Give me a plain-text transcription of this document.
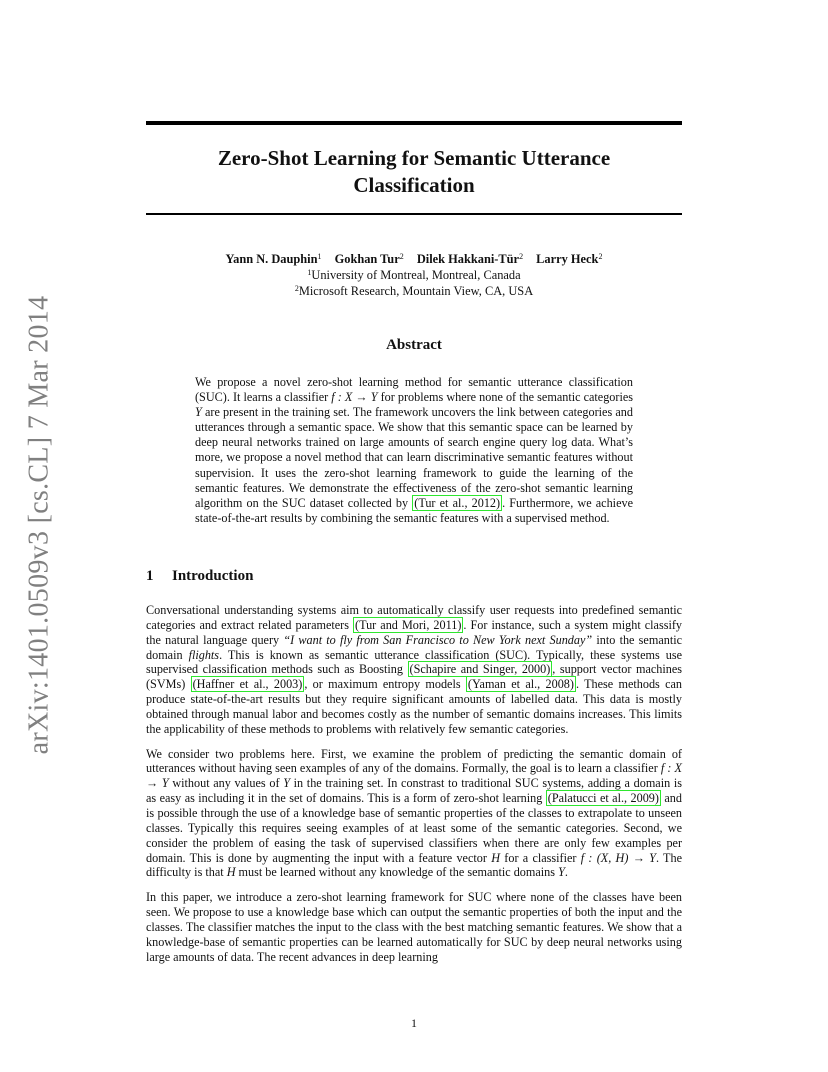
arXiv:1401.0509v3 [cs.CL] 7 Mar 2014
Zero-Shot Learning for Semantic Utterance
Classification
Yann N. Dauphin$^1$ Gokhan Tur$^2$ Dilek Hakkani-Tür$^2$ Larry Heck$^2$
$^1$University of Montreal, Montreal, Canada
$^2$Microsoft Research, Mountain View, CA, USA
Abstract
We propose a novel zero-shot learning method for semantic utterance classification (SUC). It learns a classifier f : X → Y for problems where none of the semantic categories Y are present in the training set. The framework uncovers the link between categories and utterances through a semantic space. We show that this semantic space can be learned by deep neural networks trained on large amounts of search engine query log data. What’s more, we propose a novel method that can learn discriminative semantic features without supervision. It uses the zero-shot learning framework to guide the learning of the semantic features. We demonstrate the effectiveness of the zero-shot semantic learning algorithm on the SUC dataset collected by (Tur et al., 2012) . Furthermore, we achieve state-of-the-art results by combining the semantic features with a supervised method.
1 Introduction

Conversational understanding systems aim to automatically classify user requests into predefined semantic categories and extract related parameters (Tur and Mori, 2011) . For instance, such a system might classify the natural language query “I want to fly from San Francisco to New York next Sunday” into the semantic domain flights. This is known as semantic utterance classification (SUC). Typically, these systems use supervised classification methods such as Boosting (Schapire and Singer, 2000) , support vector machines (SVMs) (Haffner et al., 2003) , or maximum entropy models (Yaman et al., 2008) . These methods can produce state-of-the-art results but they require significant amounts of labelled data. This data is mostly obtained through manual labor and becomes costly as the number of semantic domains increases. This limits the applicability of these methods to problems with relatively few semantic categories.

We consider two problems here. First, we examine the problem of predicting the semantic domain of utterances without having seen examples of any of the domains. Formally, the goal is to learn a classifier f : X → Y without any values of Y in the training set. In constrast to traditional SUC systems, adding a domain is as easy as including it in the set of domains. This is a form of zero-shot learning (Palatucci et al., 2009) and is possible through the use of a knowledge base of semantic properties of the classes to extrapolate to unseen classes. Typically this requires seeing examples of at least some of the semantic categories. Second, we consider the problem of easing the task of supervised classifiers when there are only few examples per domain. This is done by augmenting the input with a feature vector H for a classifier f : (X, H) → Y. The difficulty is that H must be learned without any knowledge of the semantic domains Y.

In this paper, we introduce a zero-shot learning framework for SUC where none of the classes have been seen. We propose to use a knowledge base which can output the semantic properties of both the input and the classes. The classifier matches the input to the class with the best matching semantic features. We show that a knowledge-base of semantic properties can be learned automatically for SUC by deep neural networks using large amounts of data. The recent advances in deep learning

1
